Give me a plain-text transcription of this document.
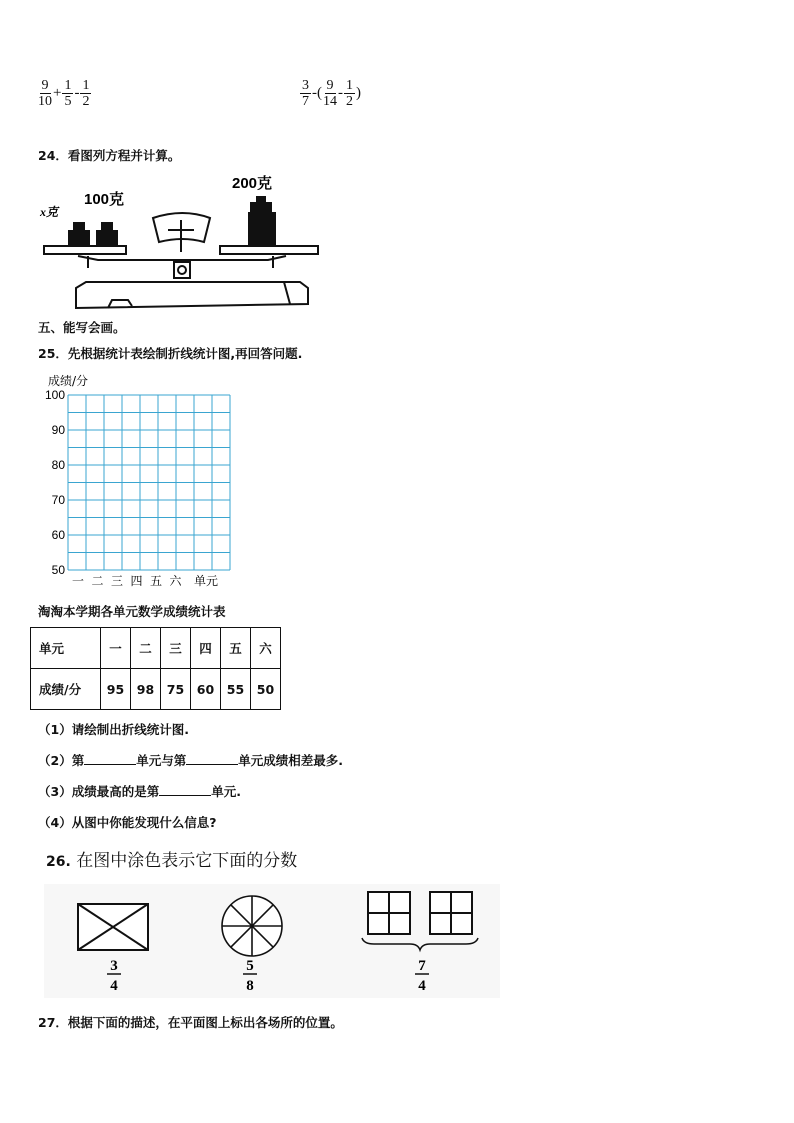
$\frac{9}{10} + \frac{1}{5} - \frac{1}{2}$	$\frac{3}{7}$ -( $\frac{9}{14} - \frac{1}{2}$ )
24．看图列方程并计算。
x克
100克
200克
五、能写会画。
25．先根据统计表绘制折线统计图,再回答问题.
成绩/分
100
90
80
70
60
50
一 二 三 四 五 六 单元
淘淘本学期各单元数学成绩统计表
单元	一	二	三	四	五	六
成绩/分	95	98	75	60	55	50
（1）请绘制出折线统计图.
（2）第	单元与第	单元成绩相差最多.
（3）成绩最高的是第	单元.
（4）从图中你能发现什么信息?
26. 在图中涂色表示它下面的分数
3
4
5
8
7
4
27．根据下面的描述，在平面图上标出各场所的位置。
